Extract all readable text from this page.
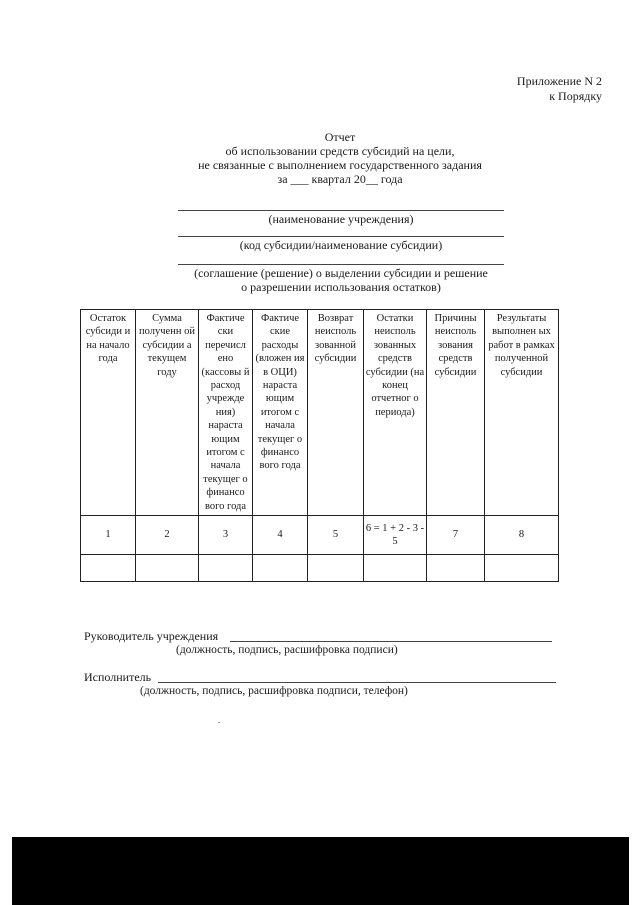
Приложение N 2
к Порядку
Отчет
об использовании средств субсидий на цели,
не связанные с выполнением государственного задания
за ___ квартал 20__ года
(наименование учреждения)
(код субсидии/наименование субсидии)
(соглашение (решение) о выделении субсидии и решение
о разрешении использования остатков)
Остаток субсиди и на начало года	Сумма полученн ой субсидии а текущем году	Фактиче ски перечисл ено (кассовы й расход учрежде ния) нараста ющим итогом с начала текущег о финансо вого года	Фактиче ские расходы (вложен ия в ОЦИ) нараста ющим итогом с начала текущег о финансо вого года	Возврат неисполь зованной субсидии	Остатки неисполь зованных средств субсидии (на конец отчетног о периода)	Причины неисполь зования средств субсидии	Результаты выполнен ых работ в рамках полученной субсидии
1	2	3	4	5	6 = 1 + 2 - 3 - 5	7	8

Руководитель учреждения
(должность, подпись, расшифровка подписи)
Исполнитель
(должность, подпись, расшифровка подписи, телефон)
